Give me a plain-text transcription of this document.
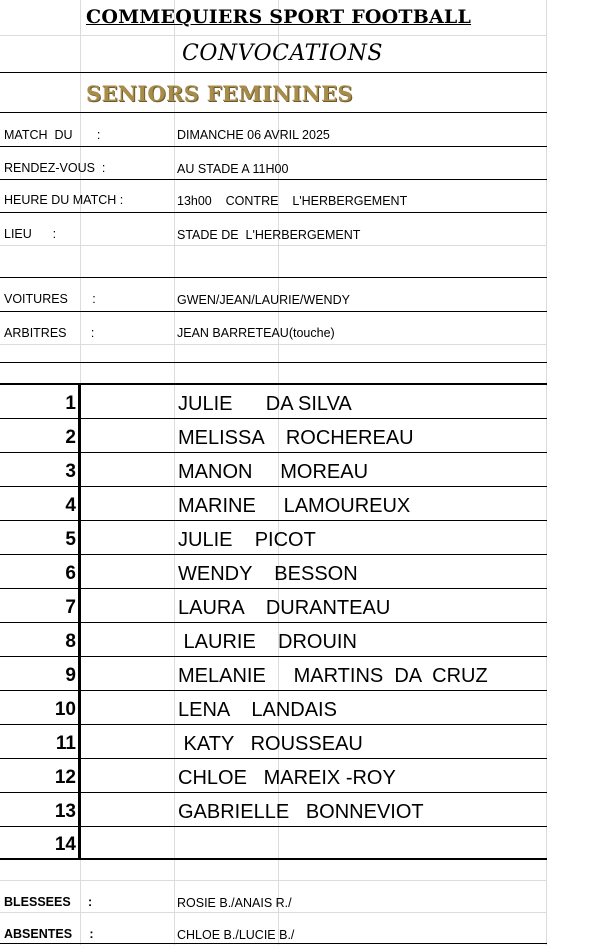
COMMEQUIERS SPORT FOOTBALL
CONVOCATIONS
SENIORS FEMININES
MATCH  DU       :	DIMANCHE 06 AVRIL 2025
RENDEZ-VOUS  :	AU STADE A 11H00
HEURE DU MATCH :	13h00    CONTRE    L'HERBERGEMENT
LIEU      :	STADE DE  L'HERBERGEMENT
VOITURES       :	GWEN/JEAN/LAURIE/WENDY
ARBITRES       :	JEAN BARRETEAU(touche)
1	JULIE      DA SILVA
2	MELISSA    ROCHEREAU
3	MANON     MOREAU
4	MARINE     LAMOUREUX
5	JULIE    PICOT
6	WENDY    BESSON
7	LAURA    DURANTEAU
8	LAURIE    DROUIN
9	MELANIE     MARTINS  DA  CRUZ
10	LENA    LANDAIS
11	KATY   ROUSSEAU
12	CHLOE   MAREIX -ROY
13	GABRIELLE   BONNEVIOT
14
BLESSEES     :	ROSIE B./ANAIS R./
ABSENTES     :	CHLOE B./LUCIE B./
